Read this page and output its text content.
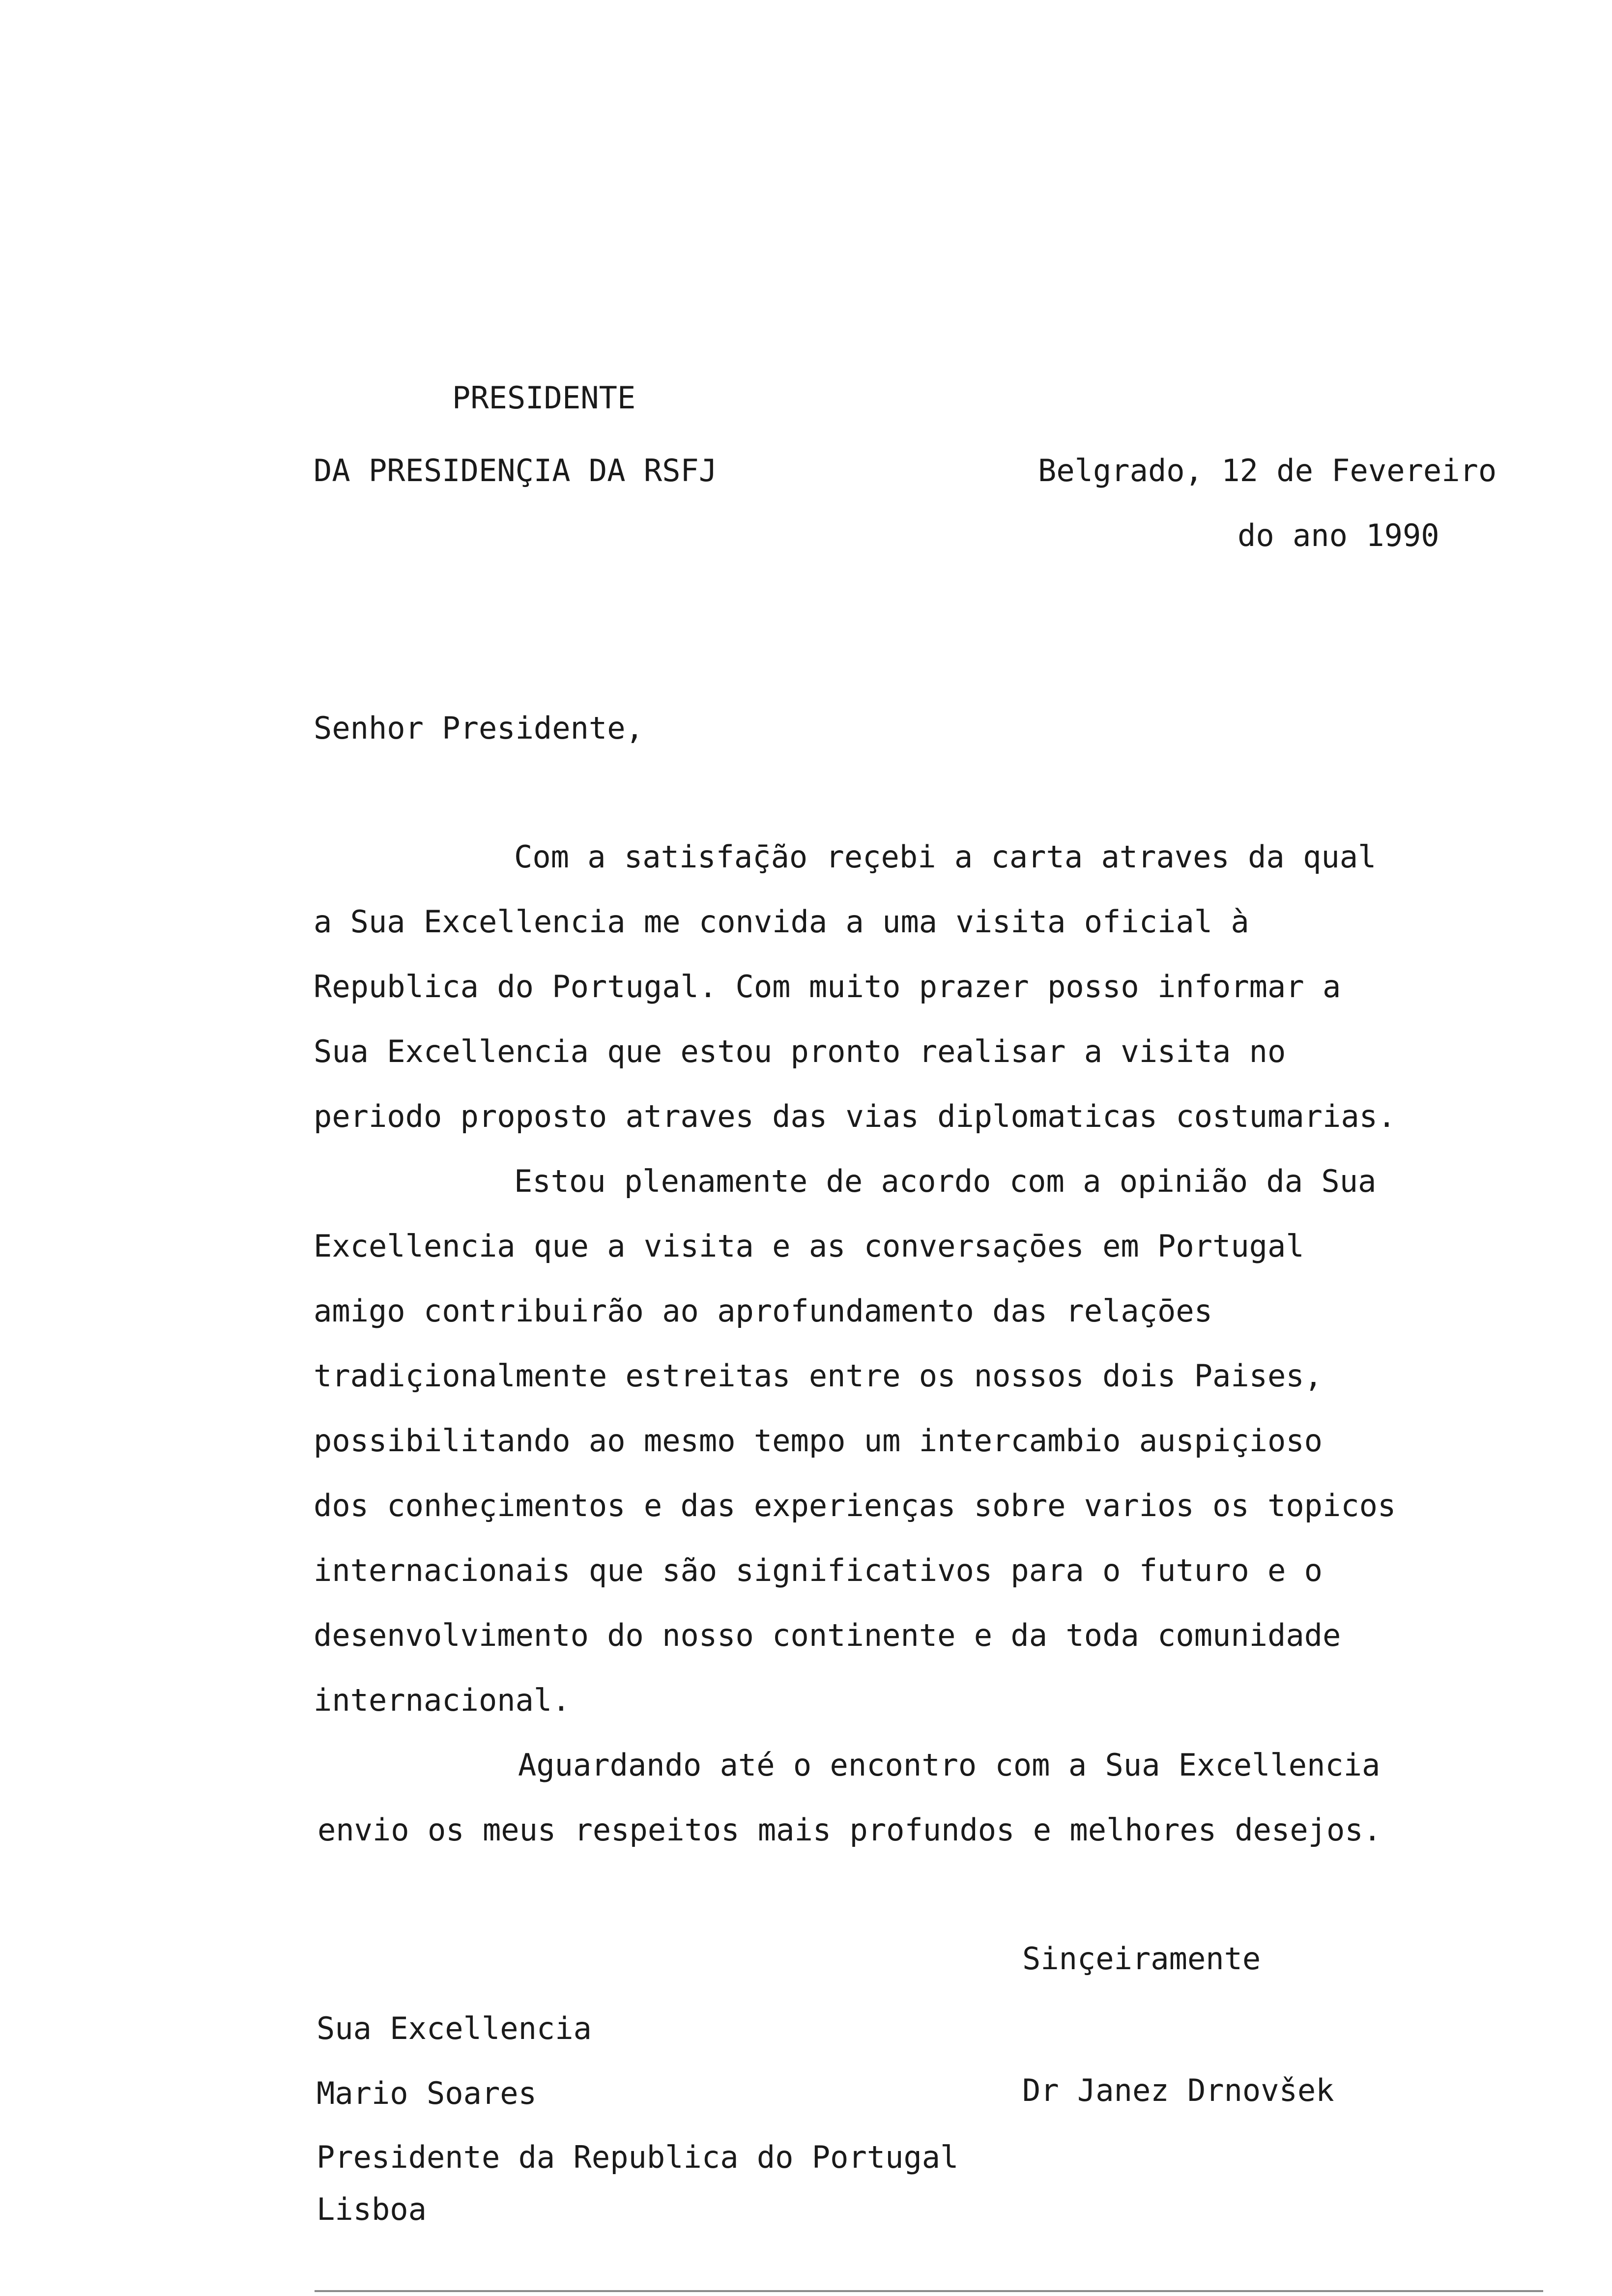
PRESIDENTE
DA PRESIDENÇIA DA RSFJ	Belgrado, 12 de Fevereiro
do ano 1990
Senhor Presidente,
Com a satisfaç̄ão reçebi a carta atraves da qual
a Sua Excellencia me convida a uma visita oficial à
Republica do Portugal. Com muito prazer posso informar a
Sua Excellencia que estou pronto realisar a visita no
periodo proposto atraves das vias diplomaticas costumarias.
Estou plenamente de acordo com a opinião da Sua
Excellencia que a visita e as conversaçōes em Portugal
amigo contribuirão ao aprofundamento das relaçōes
tradiçionalmente estreitas entre os nossos dois Paises,
possibilitando ao mesmo tempo um intercambio auspiçioso
dos conheçimentos e das experienças sobre varios os topicos
internacionais que são significativos para o futuro e o
desenvolvimento do nosso continente e da toda comunidade
internacional.
Aguardando até o encontro com a Sua Excellencia
envio os meus respeitos mais profundos e melhores desejos.
Sinçeiramente
Sua Excellencia
Mario Soares
Presidente da Republica do Portugal
Lisboa
Dr Janez Drnovšek
